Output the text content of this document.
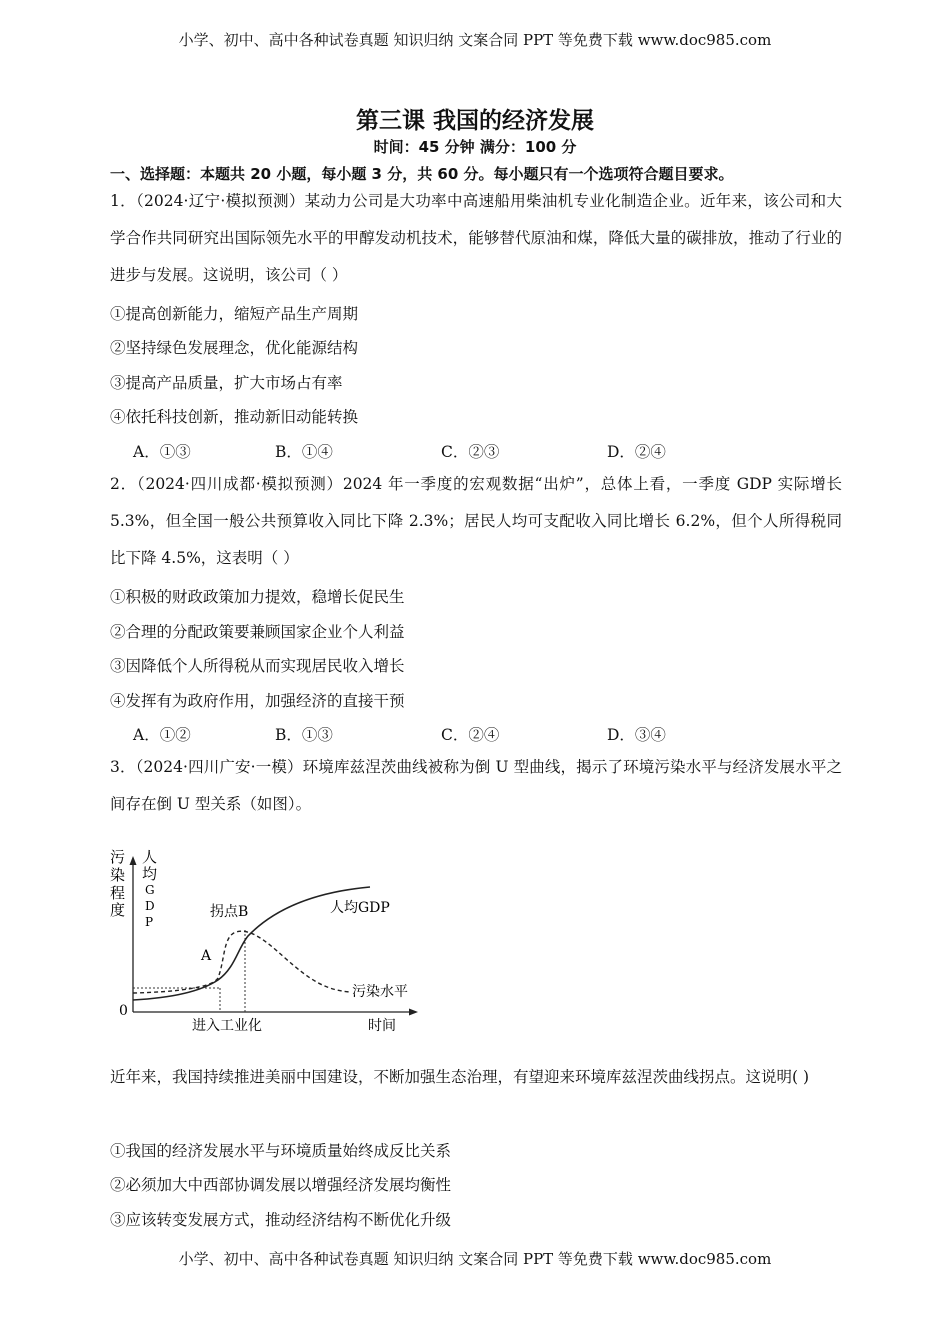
小学、初中、高中各种试卷真题 知识归纳 文案合同 PPT 等免费下载 www.doc985.com
第三课 我国的经济发展
时间：45 分钟 满分：100 分
一、选择题：本题共 20 小题，每小题 3 分，共 60 分。每小题只有一个选项符合题目要求。
1．（2024·辽宁·模拟预测）某动力公司是大功率中高速船用柴油机专业化制造企业。近年来，该公司和大学合作共同研究出国际领先水平的甲醇发动机技术，能够替代原油和煤，降低大量的碳排放，推动了行业的进步与发展。这说明，该公司（ ）
①提高创新能力，缩短产品生产周期
②坚持绿色发展理念，优化能源结构
③提高产品质量，扩大市场占有率
④依托科技创新，推动新旧动能转换
A．①③	B．①④	C．②③	D．②④
2．（2024·四川成都·模拟预测）2024 年一季度的宏观数据“出炉”，总体上看，一季度 GDP 实际增长 5.3%，但全国一般公共预算收入同比下降 2.3%；居民人均可支配收入同比增长 6.2%，但个人所得税同比下降 4.5%，这表明（ ）
①积极的财政政策加力提效，稳增长促民生
②合理的分配政策要兼顾国家企业个人利益
③因降低个人所得税从而实现居民收入增长
④发挥有为政府作用，加强经济的直接干预
A．①②	B．①③	C．②④	D．③④
3．（2024·四川广安·一模）环境库兹涅茨曲线被称为倒 U 型曲线，揭示了环境污染水平与经济发展水平之间存在倒 U 型关系（如图）。
污
染
程
度
人
均
G
D
P
0
拐点B
A
人均GDP
污染水平
进入工业化	时间
近年来，我国持续推进美丽中国建设，不断加强生态治理，有望迎来环境库兹涅茨曲线拐点。这说明( )
①我国的经济发展水平与环境质量始终成反比关系
②必须加大中西部协调发展以增强经济发展均衡性
③应该转变发展方式，推动经济结构不断优化升级
小学、初中、高中各种试卷真题 知识归纳 文案合同 PPT 等免费下载 www.doc985.com
